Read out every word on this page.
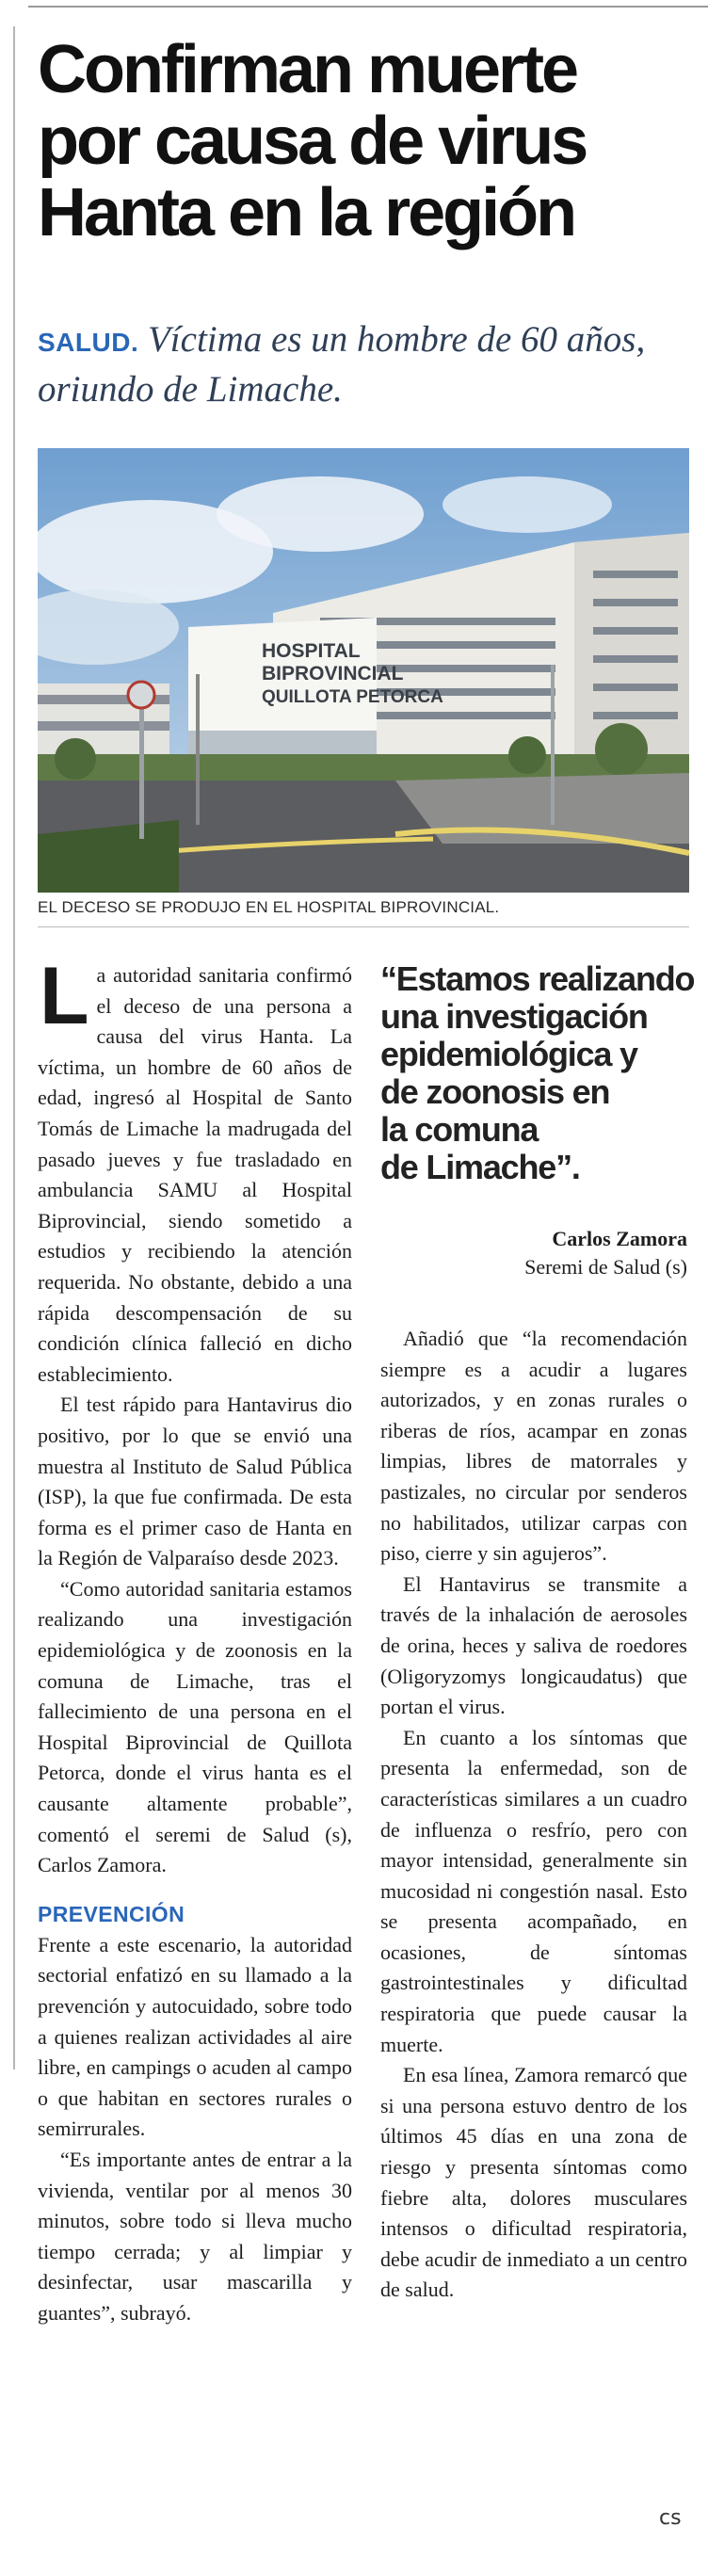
Confirman muerte
por causa de virus
Hanta en la región
SALUD. Víctima es un hombre de 60 años, oriundo de Limache.
HOSPITAL
BIPROVINCIAL
QUILLOTA PETORCA
EL DECESO SE PRODUJO EN EL HOSPITAL BIPROVINCIAL.
L a autoridad sanitaria confirmó el deceso de una persona a causa del virus Hanta. La víctima, un hombre de 60 años de edad, ingresó al Hospital de Santo Tomás de Limache la madrugada del pasado jueves y fue trasladado en ambulancia SAMU al Hospital Biprovincial, siendo sometido a estudios y recibiendo la atención requerida. No obstante, debido a una rápida descompensación de su condición clínica falleció en dicho establecimiento.

El test rápido para Hantavirus dio positivo, por lo que se envió una muestra al Instituto de Salud Pública (ISP), la que fue confirmada. De esta forma es el primer caso de Hanta en la Región de Valparaíso desde 2023.

“Como autoridad sanitaria estamos realizando una investigación epidemiológica y de zoonosis en la comuna de Limache, tras el fallecimiento de una persona en el Hospital Biprovincial de Quillota Petorca, donde el virus hanta es el causante altamente probable”, comentó el seremi de Salud (s), Carlos Zamora.

PREVENCIÓN

Frente a este escenario, la autoridad sectorial enfatizó en su llamado a la prevención y autocuidado, sobre todo a quienes realizan actividades al aire libre, en campings o acuden al campo o que habitan en sectores rurales o semirrurales.

“Es importante antes de entrar a la vivienda, ventilar por al menos 30 minutos, sobre todo si lleva mucho tiempo cerrada; y al limpiar y desinfectar, usar mascarilla y guantes”, subrayó.

“Estamos realizando
una investigación
epidemiológica y
de zoonosis en
la comuna
de Limache”.
Carlos Zamora
Seremi de Salud (s)

Añadió que “la recomendación siempre es a acudir a lugares autorizados, y en zonas rurales o riberas de ríos, acampar en zonas limpias, libres de matorrales y pastizales, no circular por senderos no habilitados, utilizar carpas con piso, cierre y sin agujeros”.

El Hantavirus se transmite a través de la inhalación de aerosoles de orina, heces y saliva de roedores (Oligoryzomys longicaudatus) que portan el virus.

En cuanto a los síntomas que presenta la enfermedad, son de características similares a un cuadro de influenza o resfrío, pero con mayor intensidad, generalmente sin mucosidad ni congestión nasal. Esto se presenta acompañado, en ocasiones, de síntomas gastrointestinales y dificultad respiratoria que puede causar la muerte.

En esa línea, Zamora remarcó que si una persona estuvo dentro de los últimos 45 días en una zona de riesgo y presenta síntomas como fiebre alta, dolores musculares intensos o dificultad respiratoria, debe acudir de inmediato a un centro de salud.

cs
